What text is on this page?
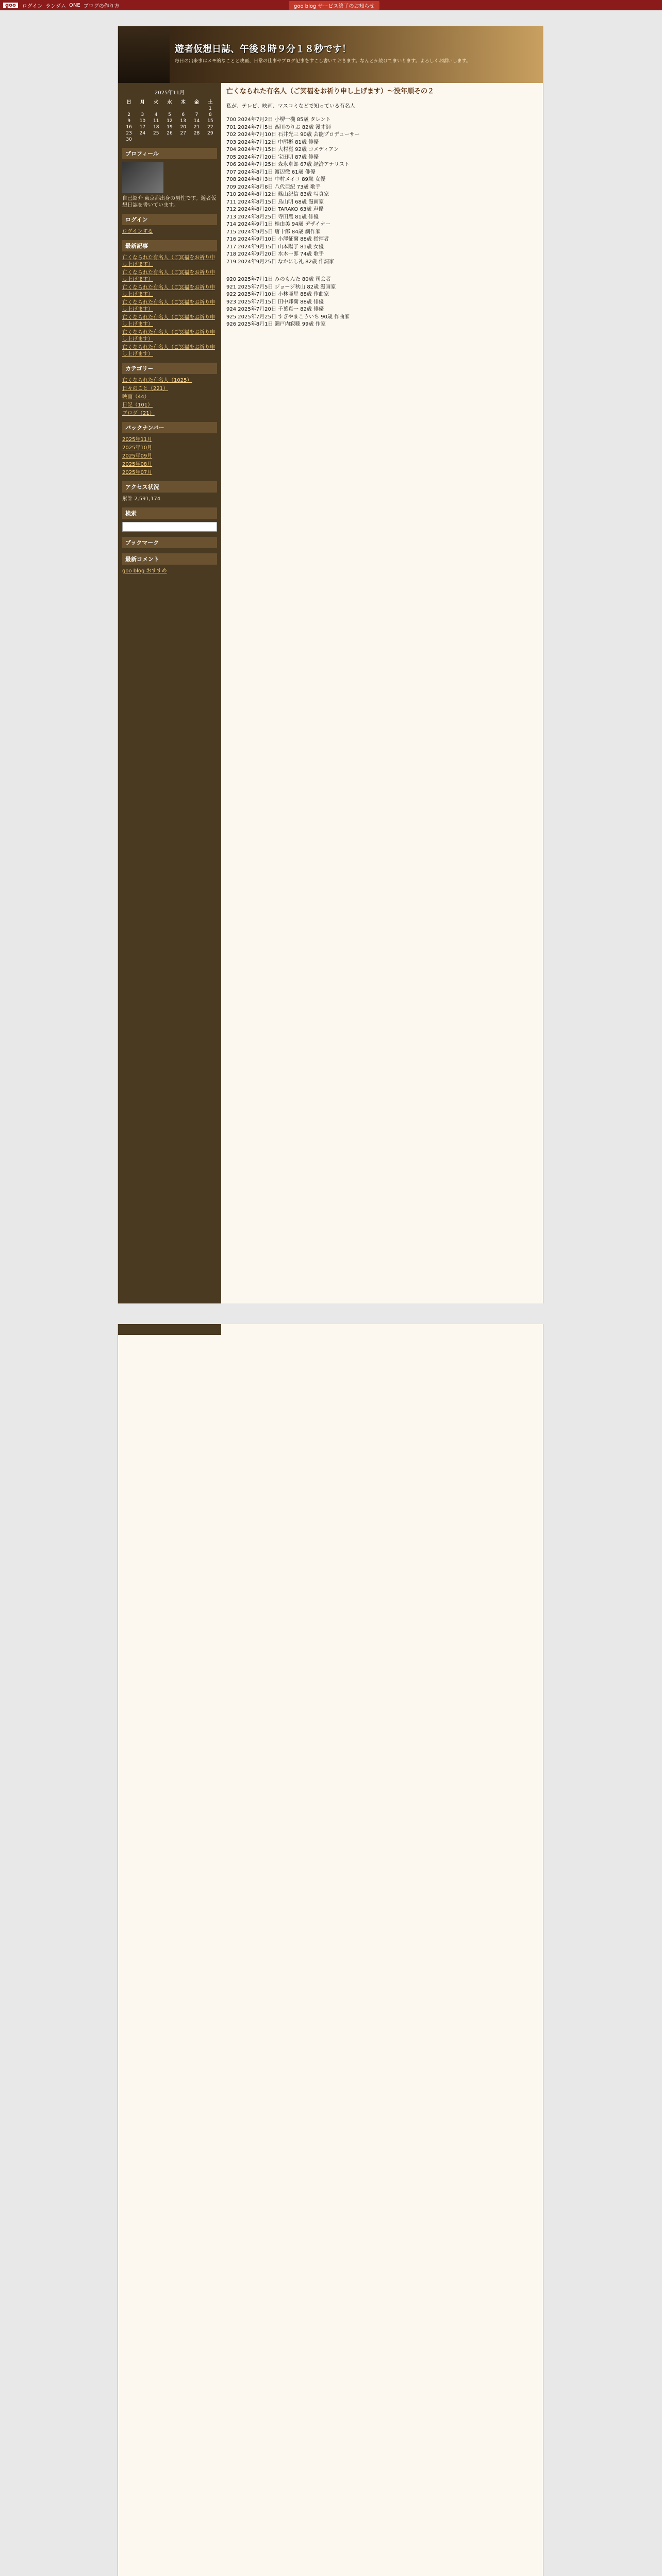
goo	ログイン ランダム ONE ブログの作り方	goo blog サービス終了のお知らせ
遊者仮想日誌、午後８時９分１８秒です！
毎日の出来事はメモ的なことと映画、日常の仕事やブログ記事をすこし書いておきます。なんとか続けてまいります。よろしくお願いします。
2025年11月
日	月	火	水	木	金	土
						1
2	3	4	5	6	7	8
9	10	11	12	13	14	15
16	17	18	19	20	21	22
23	24	25	26	27	28	29
30						
プロフィール
自己紹介 東京都出身の男性です。遊者仮想日誌を書いています。
ログイン
ログインする
最新記事
亡くなられた有名人（ご冥福をお祈り申し上げます）
亡くなられた有名人（ご冥福をお祈り申し上げます）
亡くなられた有名人（ご冥福をお祈り申し上げます）
亡くなられた有名人（ご冥福をお祈り申し上げます）
亡くなられた有名人（ご冥福をお祈り申し上げます）
亡くなられた有名人（ご冥福をお祈り申し上げます）
亡くなられた有名人（ご冥福をお祈り申し上げます）
カテゴリー
亡くなられた有名人（1025）
日々のこと（221）
映画（44）
日記（101）
ブログ（21）
バックナンバー
2025年11月
2025年10月
2025年09月
2025年08月
2025年07月
アクセス状況
累計 2,591,174
検索

ブックマーク
最新コメント
goo blog おすすめ
亡くなられた有名人（ご冥福をお祈り申し上げます）～没年順その２
私が、テレビ、映画、マスコミなどで知っている有名人
700 2024年7月2日 小堺一機 85歳 タレント
701 2024年7月5日 西川のりお 82歳 漫才師
702 2024年7月10日 石井光三 90歳 芸能プロデューサー
703 2024年7月12日 中尾彬 81歳 俳優
704 2024年7月15日 大村崑 92歳 コメディアン
705 2024年7月20日 宝田明 87歳 俳優
706 2024年7月25日 森永卓郎 67歳 経済アナリスト
707 2024年8月1日 渡辺徹 61歳 俳優
708 2024年8月3日 中村メイコ 89歳 女優
709 2024年8月8日 八代亜紀 73歳 歌手
710 2024年8月12日 篠山紀信 83歳 写真家
711 2024年8月15日 鳥山明 68歳 漫画家
712 2024年8月20日 TARAKO 63歳 声優
713 2024年8月25日 寺田農 81歳 俳優
714 2024年9月1日 桂由美 94歳 デザイナー
715 2024年9月5日 唐十郎 84歳 劇作家
716 2024年9月10日 小澤征爾 88歳 指揮者
717 2024年9月15日 山本陽子 81歳 女優
718 2024年9月20日 水木一郎 74歳 歌手
719 2024年9月25日 なかにし礼 82歳 作詞家
920 2025年7月1日 みのもんた 80歳 司会者
921 2025年7月5日 ジョージ秋山 82歳 漫画家
922 2025年7月10日 小林亜星 88歳 作曲家
923 2025年7月15日 田中邦衛 88歳 俳優
924 2025年7月20日 千葉真一 82歳 俳優
925 2025年7月25日 すぎやまこういち 90歳 作曲家
926 2025年8月1日 瀬戸内寂聴 99歳 作家
